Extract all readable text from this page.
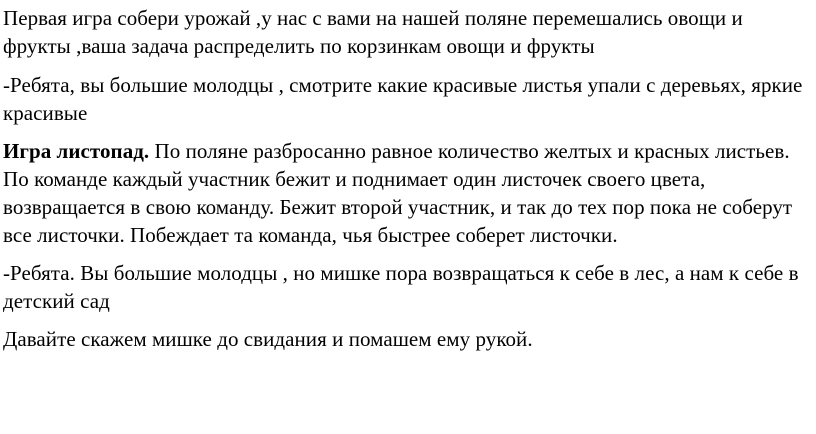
Первая игра собери урожай ,у нас с вами на нашей поляне перемешались овощи и фрукты ,ваша задача распределить по корзинкам овощи и фрукты

-Ребята, вы большие молодцы , смотрите какие красивые листья упали с деревьях, яркие красивые

Игра листопад. По поляне разбросанно равное количество желтых и красных листьев. По команде каждый участник бежит и поднимает один листочек своего цвета, возвращается в свою команду. Бежит второй участник, и так до тех пор пока не соберут все листочки. Побеждает та команда, чья быстрее соберет листочки.

-Ребята. Вы большие молодцы , но мишке пора возвращаться к себе в лес, а нам к себе в детский сад

Давайте скажем мишке до свидания и помашем ему рукой.
